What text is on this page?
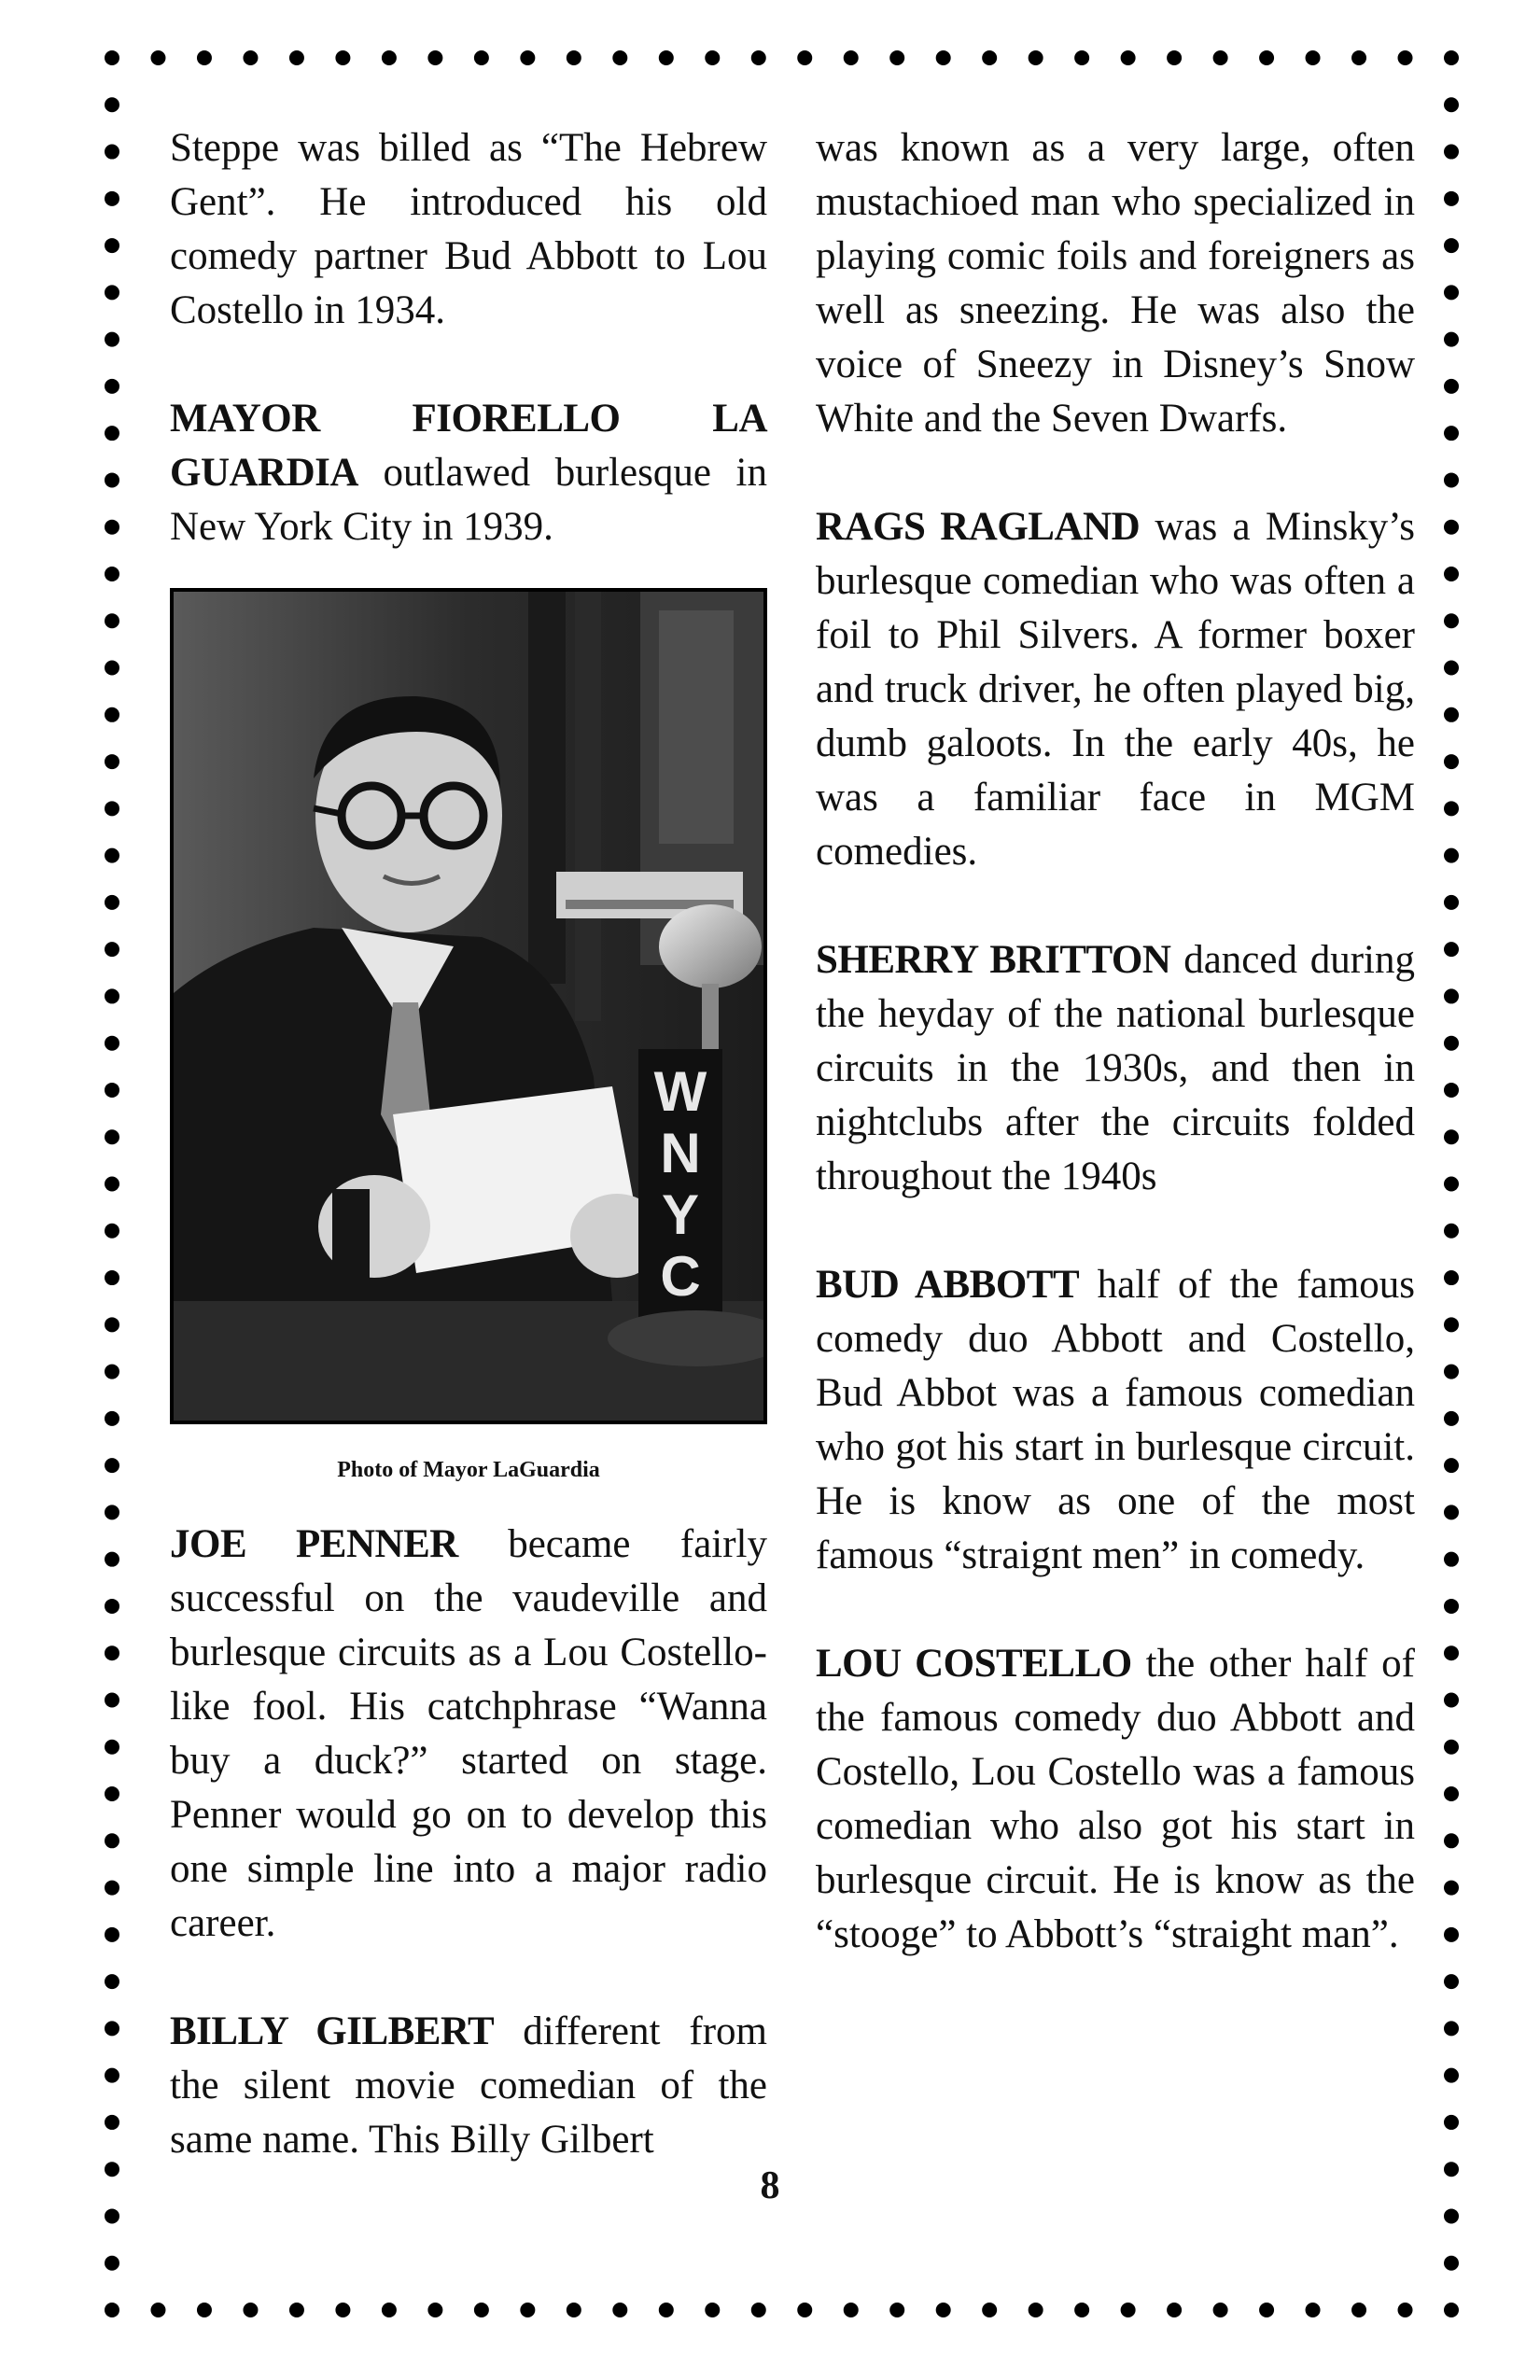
Steppe was billed as “The Hebrew Gent”. He introduced his old comedy partner Bud Abbott to Lou Costello in 1934.

MAYOR FIORELLO LA GUARDIA outlawed burlesque in New York City in 1939.

W
N
Y
C
Photo of Mayor LaGuardia

JOE PENNER became fairly successful on the vaudeville and burlesque circuits as a Lou Costello-like fool. His catchphrase “Wanna buy a duck?” started on stage. Penner would go on to develop this one simple line into a major radio career.

BILLY GILBERT different from the silent movie comedian of the same name. This Billy Gilbert

was known as a very large, often mustachioed man who specialized in playing comic foils and foreigners as well as sneezing. He was also the voice of Sneezy in Disney’s Snow White and the Seven Dwarfs.

RAGS RAGLAND was a Minsky’s burlesque comedian who was often a foil to Phil Silvers. A former boxer and truck driver, he often played big, dumb galoots. In the early 40s, he was a familiar face in MGM comedies.

SHERRY BRITTON danced during the heyday of the national burlesque circuits in the 1930s, and then in nightclubs after the circuits folded throughout the 1940s

BUD ABBOTT half of the famous comedy duo Abbott and Costello, Bud Abbot was a famous comedian who got his start in burlesque circuit. He is know as one of the most famous “straignt men” in comedy.

LOU COSTELLO the other half of the famous comedy duo Abbott and Costello, Lou Costello was a famous comedian who also got his start in burlesque circuit. He is know as the “stooge” to Abbott’s “straight man”.

8
